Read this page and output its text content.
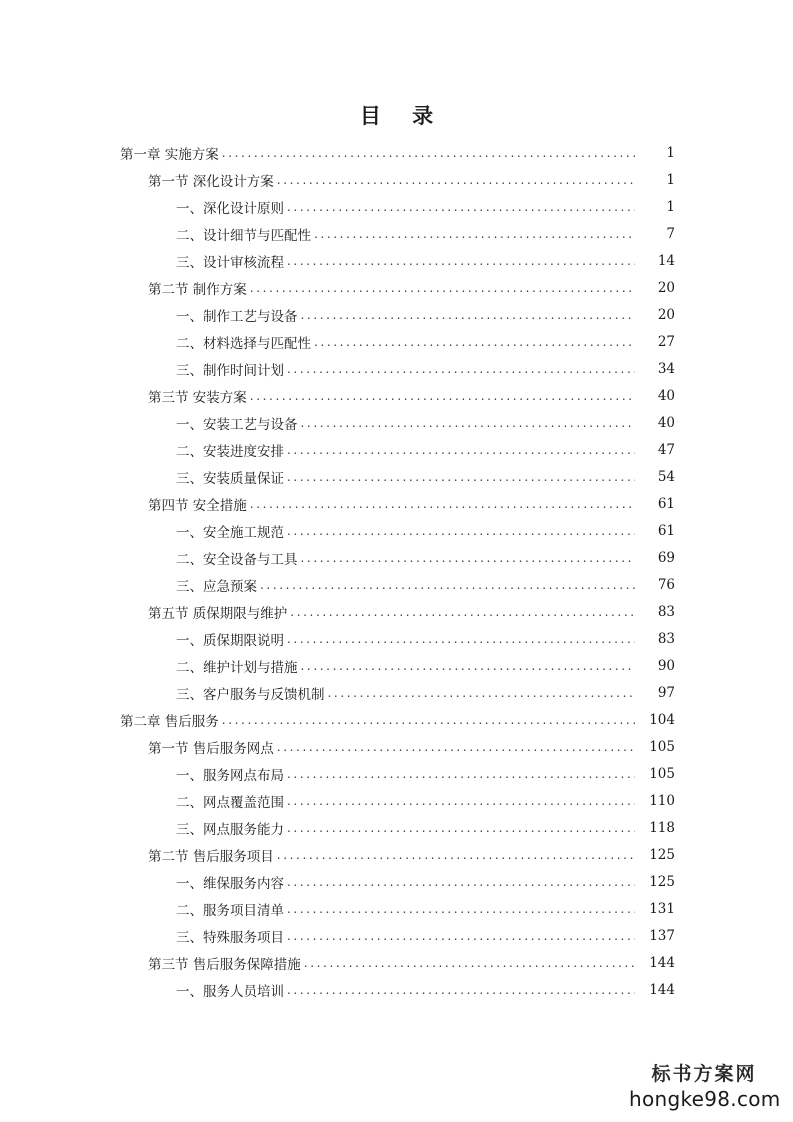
目 录
第一章 实施方案 .....	1
第一节 深化设计方案 .....	1
一、深化设计原则 .....	1
二、设计细节与匹配性 .....	7
三、设计审核流程 .....	14
第二节 制作方案 .....	20
一、制作工艺与设备 .....	20
二、材料选择与匹配性 .....	27
三、制作时间计划 .....	34
第三节 安装方案 .....	40
一、安装工艺与设备 .....	40
二、安装进度安排 .....	47
三、安装质量保证 .....	54
第四节 安全措施 .....	61
一、安全施工规范 .....	61
二、安全设备与工具 .....	69
三、应急预案 .....	76
第五节 质保期限与维护 .....	83
一、质保期限说明 .....	83
二、维护计划与措施 .....	90
三、客户服务与反馈机制 .....	97
第二章 售后服务 .....	104
第一节 售后服务网点 .....	105
一、服务网点布局 .....	105
二、网点覆盖范围 .....	110
三、网点服务能力 .....	118
第二节 售后服务项目 .....	125
一、维保服务内容 .....	125
二、服务项目清单 .....	131
三、特殊服务项目 .....	137
第三节 售后服务保障措施 .....	144
一、服务人员培训 .....	144
标书方案网
hongke98.com
